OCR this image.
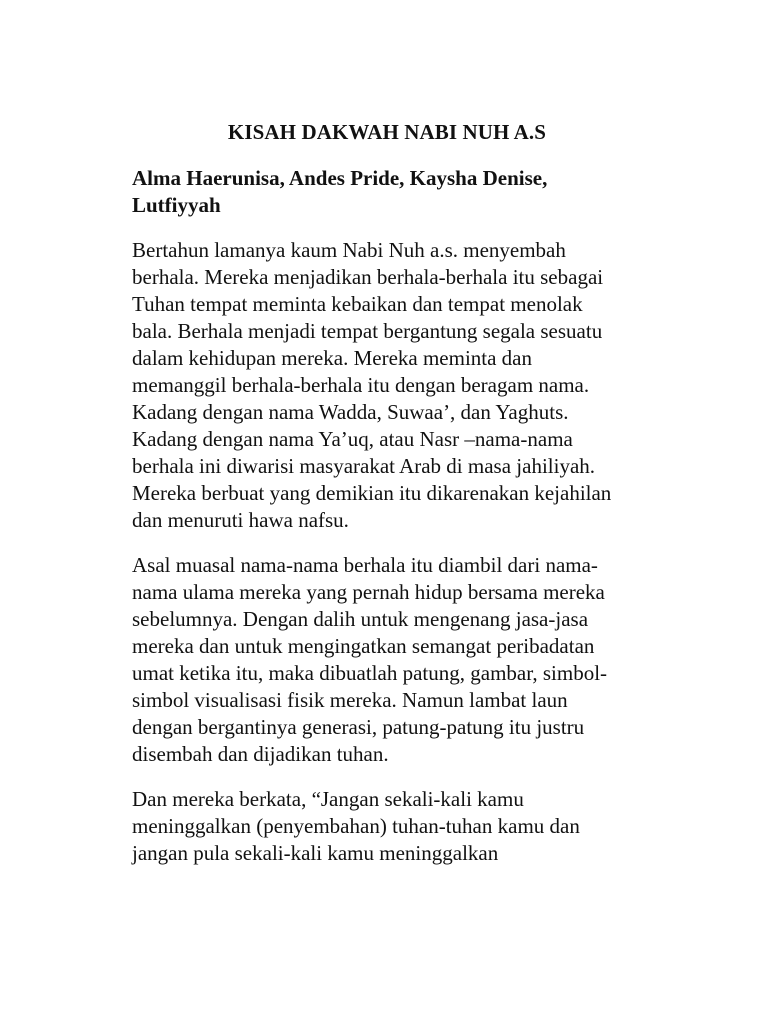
KISAH DAKWAH NABI NUH A.S
Alma Haerunisa, Andes Pride, Kaysha Denise,
Lutfiyyah
Bertahun lamanya kaum Nabi Nuh a.s. menyembah
berhala. Mereka menjadikan berhala-berhala itu sebagai
Tuhan tempat meminta kebaikan dan tempat menolak
bala. Berhala menjadi tempat bergantung segala sesuatu
dalam kehidupan mereka. Mereka meminta dan
memanggil berhala-berhala itu dengan beragam nama.
Kadang dengan nama Wadda, Suwaa’, dan Yaghuts.
Kadang dengan nama Ya’uq, atau Nasr –nama-nama
berhala ini diwarisi masyarakat Arab di masa jahiliyah.
Mereka berbuat yang demikian itu dikarenakan kejahilan
dan menuruti hawa nafsu.
Asal muasal nama-nama berhala itu diambil dari nama-
nama ulama mereka yang pernah hidup bersama mereka
sebelumnya. Dengan dalih untuk mengenang jasa-jasa
mereka dan untuk mengingatkan semangat peribadatan
umat ketika itu, maka dibuatlah patung, gambar, simbol-
simbol visualisasi fisik mereka. Namun lambat laun
dengan bergantinya generasi, patung-patung itu justru
disembah dan dijadikan tuhan.
Dan mereka berkata, “Jangan sekali-kali kamu
meninggalkan (penyembahan) tuhan-tuhan kamu dan
jangan pula sekali-kali kamu meninggalkan
